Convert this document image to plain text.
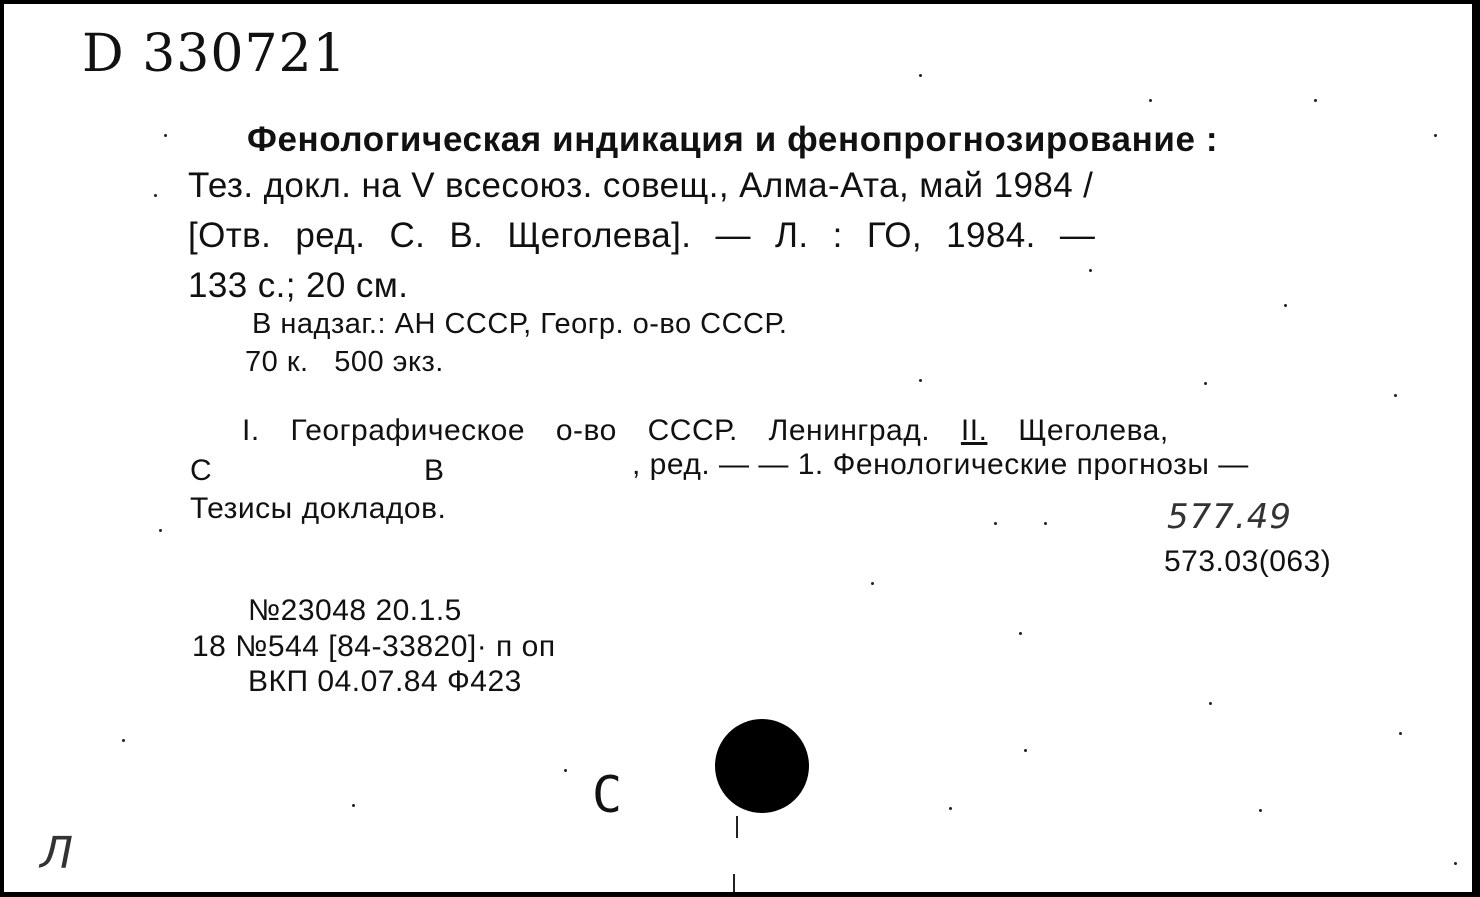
D 330721
Фенологическая индикация и фенопрогнозирование :
Тез. докл. на V всесоюз. совещ., Алма-Ата, май 1984 /
[Отв. ред. С. В. Щеголева]. — Л. : ГО, 1984. —
133 с.; 20 см.
В надзаг.: АН СССР, Геогр. о-во СССР.
70 к.   500 экз.
I. Географическое о-во СССР. Ленинград. II. Щеголева,
С	В	, ред. — — 1. Фенологические прогнозы —
Тезисы докладов.	577.49
573.03(063)
№23048 20.1.5
18 №544 [84-33820]· п оп
ВКП 04.07.84 Ф423
С
Л
